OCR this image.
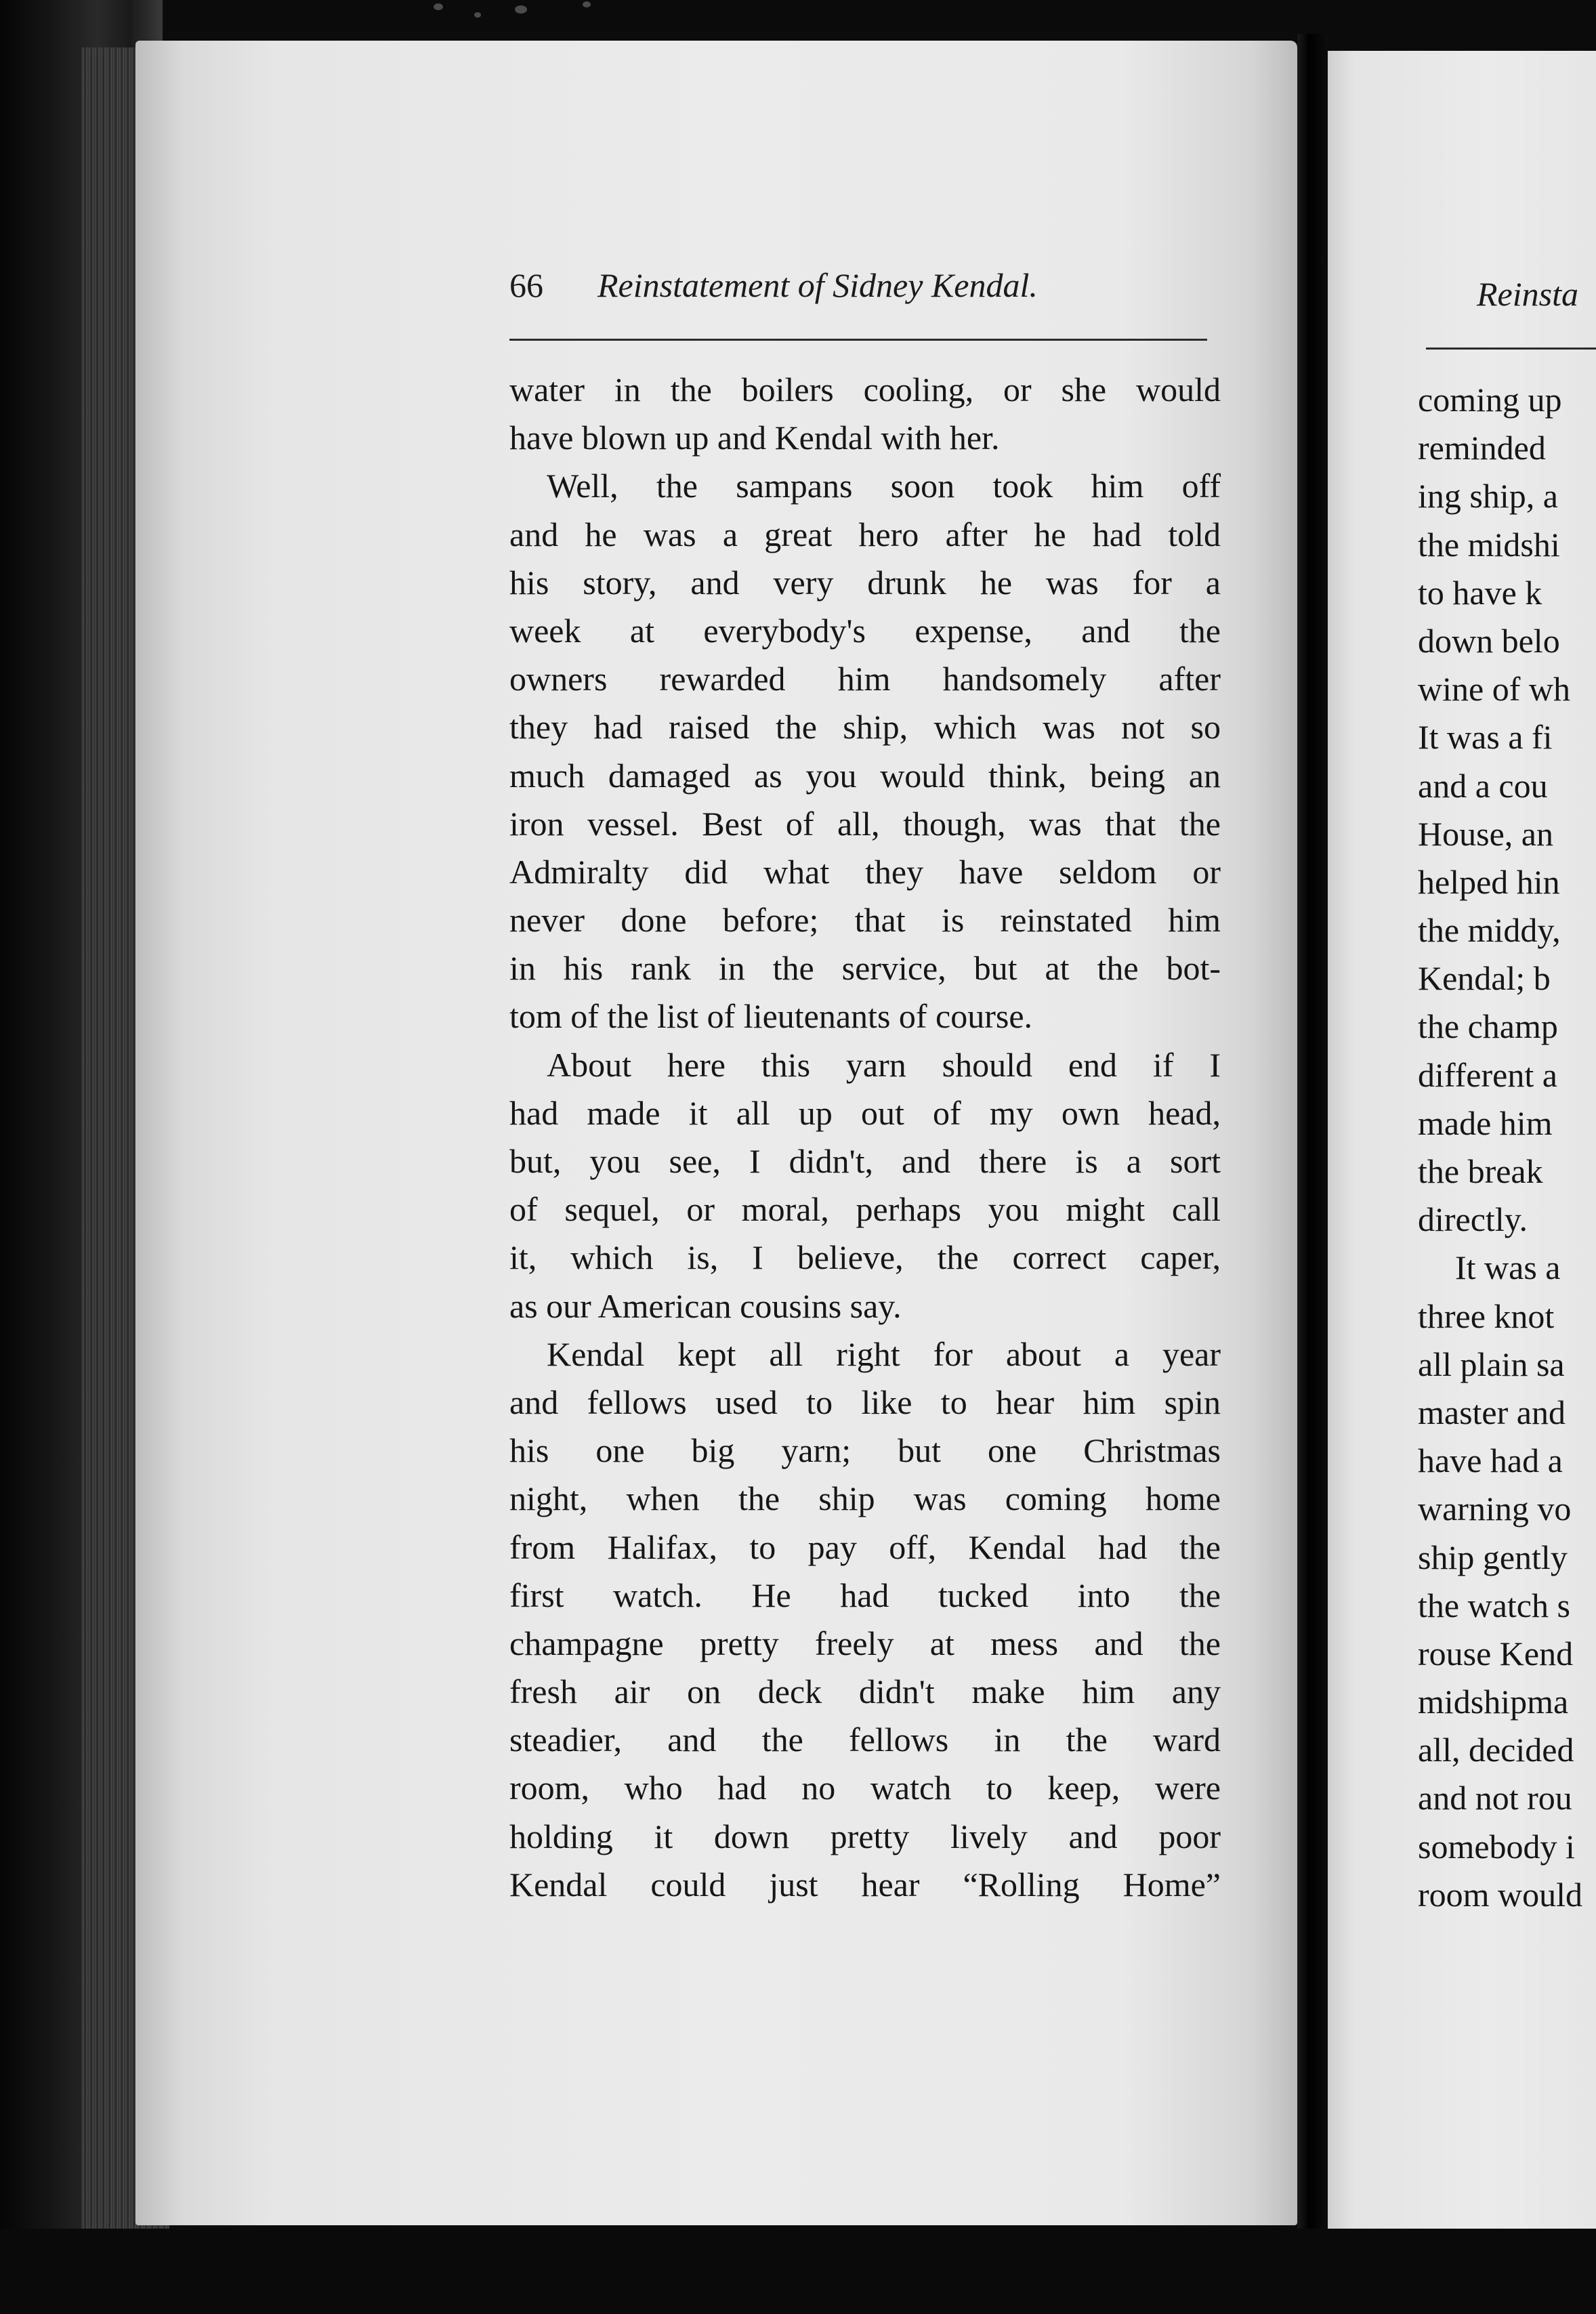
66 Reinstatement of Sidney Kendal.
water in the boilers cooling, or she would
have blown up and Kendal with her.
Well, the sampans soon took him off
and he was a great hero after he had told
his story, and very drunk he was for a
week at everybody's expense, and the
owners rewarded him handsomely after
they had raised the ship, which was not so
much damaged as you would think, being an
iron vessel. Best of all, though, was that the
Admiralty did what they have seldom or
never done before; that is reinstated him
in his rank in the service, but at the bot-
tom of the list of lieutenants of course.
About here this yarn should end if I
had made it all up out of my own head,
but, you see, I didn't, and there is a sort
of sequel, or moral, perhaps you might call
it, which is, I believe, the correct caper,
as our American cousins say.
Kendal kept all right for about a year
and fellows used to like to hear him spin
his one big yarn; but one Christmas
night, when the ship was coming home
from Halifax, to pay off, Kendal had the
first watch. He had tucked into the
champagne pretty freely at mess and the
fresh air on deck didn't make him any
steadier, and the fellows in the ward
room, who had no watch to keep, were
holding it down pretty lively and poor
Kendal could just hear “Rolling Home”
Reinsta
coming up
reminded
ing ship, a
the midshi
to have k
down belo
wine of wh
It was a fi
and a cou
House, an
helped hin
the middy,
Kendal; b
the champ
different a
made him
the break
directly.
It was a
three knot
all plain sa
master and
have had a
warning vo
ship gently
the watch s
rouse Kend
midshipma
all, decided
and not rou
somebody i
room would
